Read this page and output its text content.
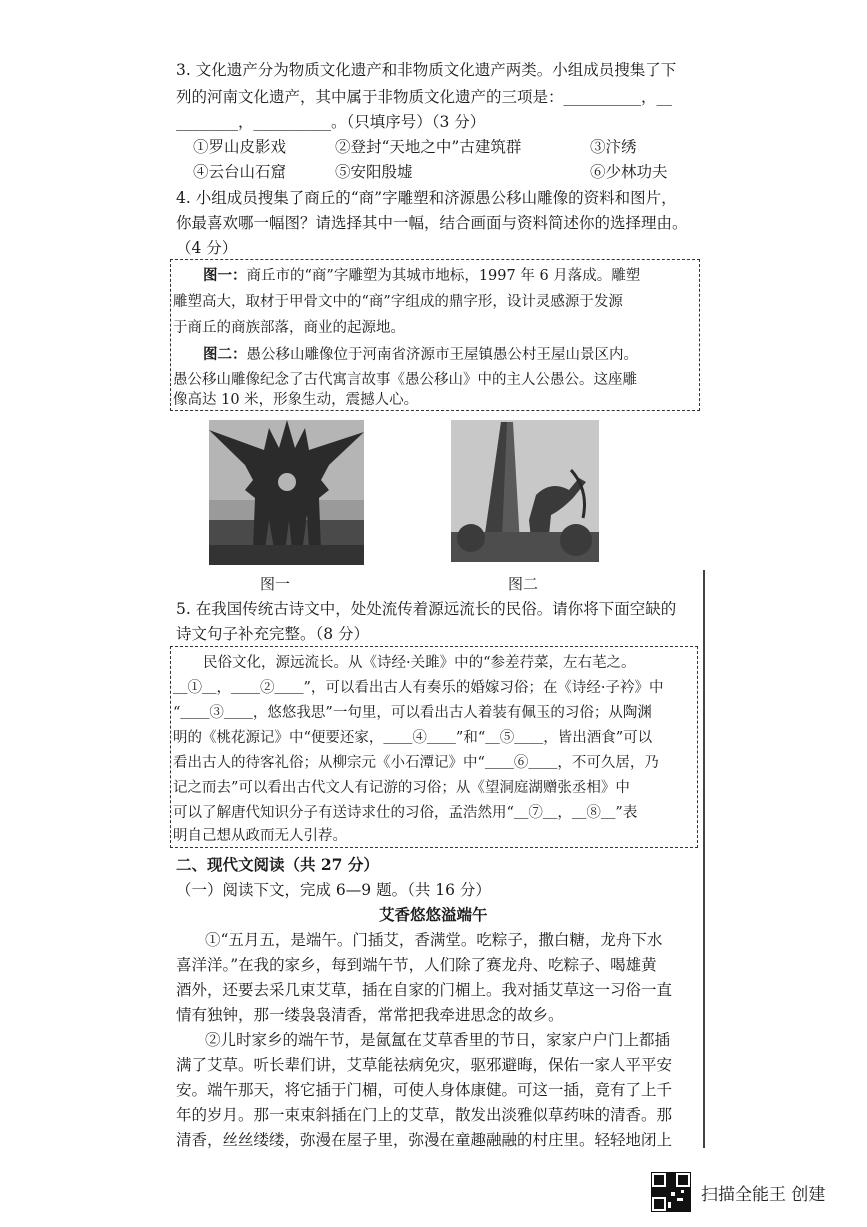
3. 文化遗产分为物质文化遗产和非物质文化遗产两类。小组成员搜集了下
列的河南文化遗产，其中属于非物质文化遗产的三项是：__________，__
________，__________。（只填序号）（3 分）
①罗山皮影戏	②登封“天地之中”古建筑群	③汴绣
④云台山石窟	⑤安阳殷墟	⑥少林功夫
4. 小组成员搜集了商丘的“商”字雕塑和济源愚公移山雕像的资料和图片，
你最喜欢哪一幅图？请选择其中一幅，结合画面与资料简述你的选择理由。
（4 分）
图一：商丘市的“商”字雕塑为其城市地标，1997 年 6 月落成。雕塑
雕塑高大，取材于甲骨文中的“商”字组成的鼎字形，设计灵感源于发源
于商丘的商族部落，商业的起源地。
图二：愚公移山雕像位于河南省济源市王屋镇愚公村王屋山景区内。
愚公移山雕像纪念了古代寓言故事《愚公移山》中的主人公愚公。这座雕
像高达 10 米，形象生动，震撼人心。
图一	图二
5. 在我国传统古诗文中，处处流传着源远流长的民俗。请你将下面空缺的
诗文句子补充完整。（8 分）
民俗文化，源远流长。从《诗经·关雎》中的“参差荇菜，左右芼之。
＿①＿，＿＿②＿＿”，可以看出古人有奏乐的婚嫁习俗；在《诗经·子衿》中
“＿＿③＿＿，悠悠我思”一句里，可以看出古人着装有佩玉的习俗；从陶渊
明的《桃花源记》中“便要还家，＿＿④＿＿”和“＿⑤＿＿，皆出酒食”可以
看出古人的待客礼俗；从柳宗元《小石潭记》中“＿＿⑥＿＿，不可久居，乃
记之而去”可以看出古代文人有记游的习俗；从《望洞庭湖赠张丞相》中
可以了解唐代知识分子有送诗求仕的习俗，孟浩然用“＿⑦＿，＿⑧＿”表
明自己想从政而无人引荐。
二、现代文阅读（共 27 分）
（一）阅读下文，完成 6—9 题。（共 16 分）
艾香悠悠溢端午
①“五月五，是端午。门插艾，香满堂。吃粽子，撒白糖，龙舟下水
喜洋洋。”在我的家乡，每到端午节，人们除了赛龙舟、吃粽子、喝雄黄
酒外，还要去采几束艾草，插在自家的门楣上。我对插艾草这一习俗一直
情有独钟，那一缕袅袅清香，常常把我牵进思念的故乡。
②儿时家乡的端午节，是氤氲在艾草香里的节日，家家户户门上都插
满了艾草。听长辈们讲，艾草能祛病免灾，驱邪避晦，保佑一家人平平安
安。端午那天，将它插于门楣，可使人身体康健。可这一插，竟有了上千
年的岁月。那一束束斜插在门上的艾草，散发出淡雅似草药味的清香。那
清香，丝丝缕缕，弥漫在屋子里，弥漫在童趣融融的村庄里。轻轻地闭上
扫描全能王 创建
